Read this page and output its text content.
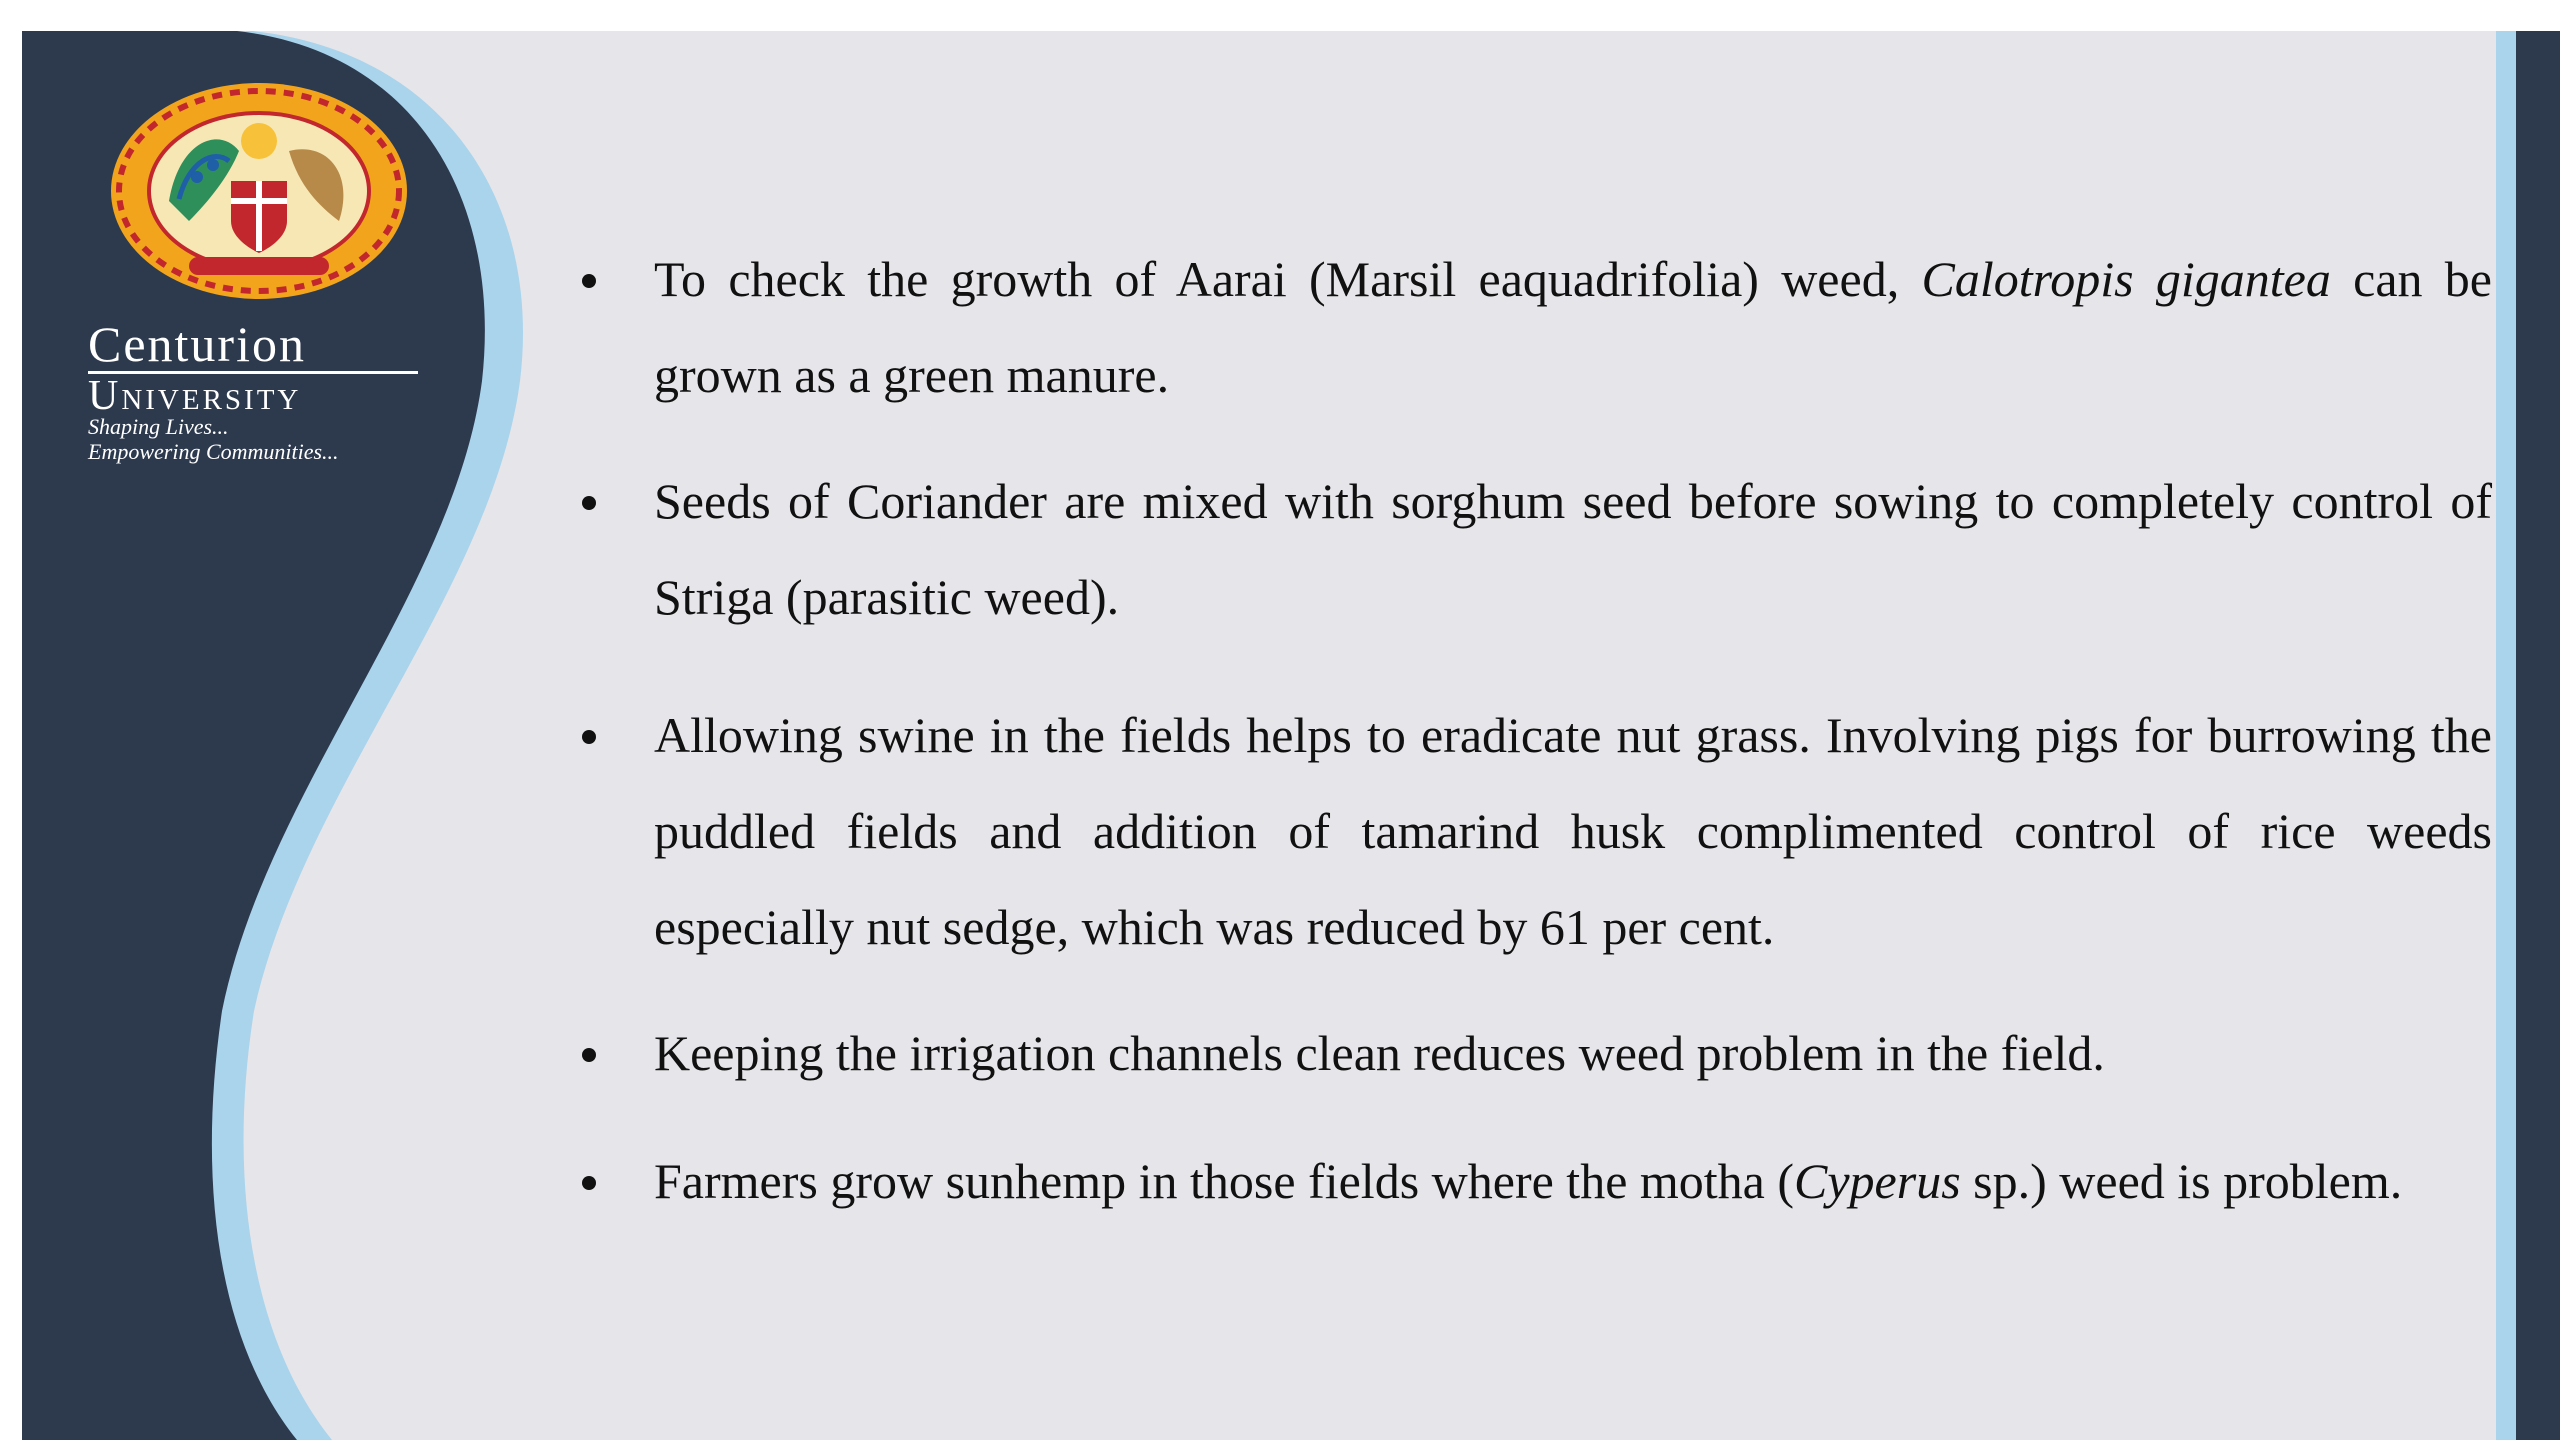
Centurion
University
Shaping Lives...
Empowering Communities...
To check the growth of Aarai (Marsil eaquadrifolia) weed, Calotropis gigantea can be grown as a green manure.
Seeds of Coriander are mixed with sorghum seed before sowing to completely control of Striga (parasitic weed).
Allowing swine in the fields helps to eradicate nut grass. Involving pigs for burrowing the puddled fields and addition of tamarind husk complimented control of rice weeds especially nut sedge, which was reduced by 61 per cent.
Keeping the irrigation channels clean reduces weed problem in the field.
Farmers grow sunhemp in those fields where the motha (Cyperus sp.) weed is problem.
